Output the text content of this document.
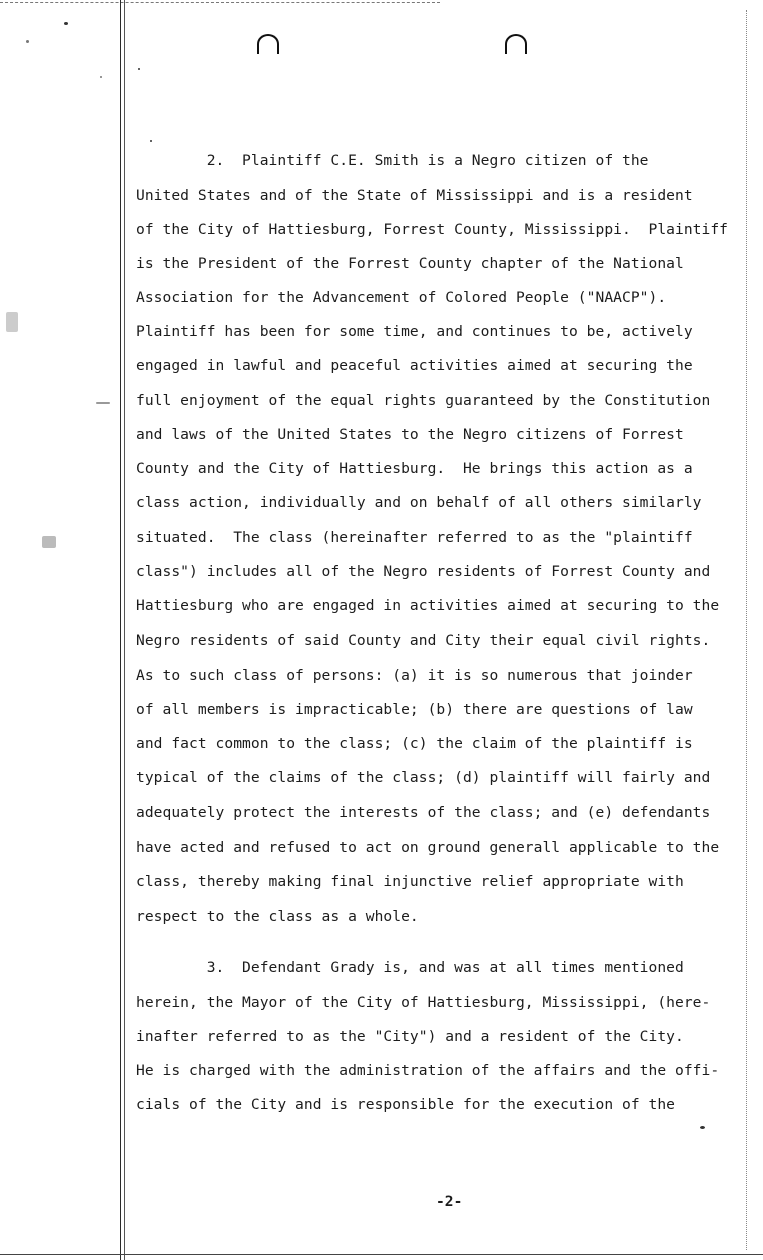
2.  Plaintiff C.E. Smith is a Negro citizen of the
United States and of the State of Mississippi and is a resident
of the City of Hattiesburg, Forrest County, Mississippi.  Plaintiff
is the President of the Forrest County chapter of the National
Association for the Advancement of Colored People ("NAACP").
Plaintiff has been for some time, and continues to be, actively
engaged in lawful and peaceful activities aimed at securing the
full enjoyment of the equal rights guaranteed by the Constitution
and laws of the United States to the Negro citizens of Forrest
County and the City of Hattiesburg.  He brings this action as a
class action, individually and on behalf of all others similarly
situated.  The class (hereinafter referred to as the "plaintiff
class") includes all of the Negro residents of Forrest County and
Hattiesburg who are engaged in activities aimed at securing to the
Negro residents of said County and City their equal civil rights.
As to such class of persons: (a) it is so numerous that joinder
of all members is impracticable; (b) there are questions of law
and fact common to the class; (c) the claim of the plaintiff is
typical of the claims of the class; (d) plaintiff will fairly and
adequately protect the interests of the class; and (e) defendants
have acted and refused to act on ground generall applicable to the
class, thereby making final injunctive relief appropriate with
respect to the class as a whole.
3.  Defendant Grady is, and was at all times mentioned
herein, the Mayor of the City of Hattiesburg, Mississippi, (here-
inafter referred to as the "City") and a resident of the City.
He is charged with the administration of the affairs and the offi-
cials of the City and is responsible for the execution of the
-2-
